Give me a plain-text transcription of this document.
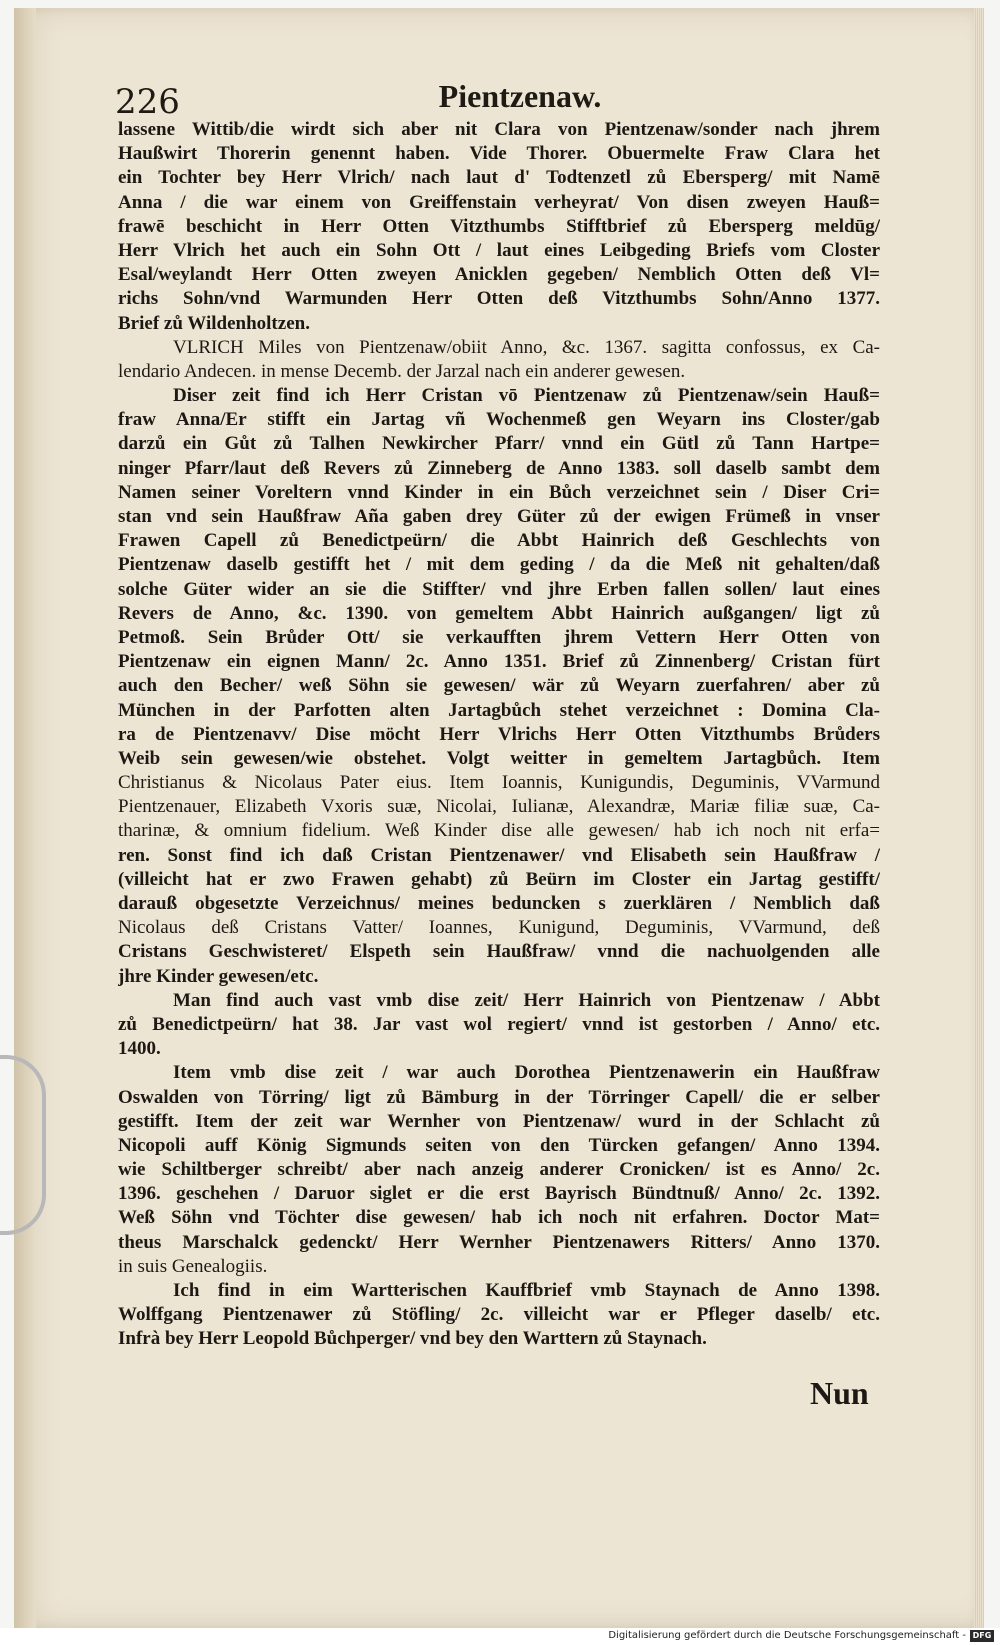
226	Pientzenaw.
lassene Wittib/die wirdt sich aber nit Clara von Pientzenaw/sonder nach jhrem
Haußwirt Thorerin genennt haben. Vide Thorer. Obuermelte Fraw Clara het
ein Tochter bey Herr Vlrich/ nach laut d' Todtenzetl zů Ebersperg/ mit Namē
Anna / die war einem von Greiffenstain verheyrat/ Von disen zweyen Hauß=
frawē beschicht in Herr Otten Vitzthumbs Stifftbrief zů Ebersperg meldūg/
Herr Vlrich het auch ein Sohn Ott / laut eines Leibgeding Briefs vom Closter
Esal/weylandt Herr Otten zweyen Anicklen gegeben/ Nemblich Otten deß Vl=
richs Sohn/vnd Warmunden Herr Otten deß Vitzthumbs Sohn/Anno 1377.
Brief zů Wildenholtzen.
VLRICH Miles von Pientzenaw/obiit Anno, &c. 1367. sagitta confossus, ex Ca-
lendario Andecen. in mense Decemb. der Jarzal nach ein anderer gewesen.
Diser zeit find ich Herr Cristan vō Pientzenaw zů Pientzenaw/sein Hauß=
fraw Anna/Er stifft ein Jartag vñ Wochenmeß gen Weyarn ins Closter/gab
darzů ein Gůt zů Talhen Newkircher Pfarr/ vnnd ein Gütl zů Tann Hartpe=
ninger Pfarr/laut deß Revers zů Zinneberg de Anno 1383. soll daselb sambt dem
Namen seiner Voreltern vnnd Kinder in ein Bůch verzeichnet sein / Diser Cri=
stan vnd sein Haußfraw Aña gaben drey Güter zů der ewigen Frümeß in vnser
Frawen Capell zů Benedictpeürn/ die Abbt Hainrich deß Geschlechts von
Pientzenaw daselb gestifft het / mit dem geding / da die Meß nit gehalten/daß
solche Güter wider an sie die Stiffter/ vnd jhre Erben fallen sollen/ laut eines
Revers de Anno, &c. 1390. von gemeltem Abbt Hainrich außgangen/ ligt zů
Petmoß. Sein Brůder Ott/ sie verkaufften jhrem Vettern Herr Otten von
Pientzenaw ein eignen Mann/ 2c. Anno 1351. Brief zů Zinnenberg/ Cristan fürt
auch den Becher/ weß Söhn sie gewesen/ wär zů Weyarn zuerfahren/ aber zů
München in der Parfotten alten Jartagbůch stehet verzeichnet : Domina Cla-
ra de Pientzenavv/ Dise möcht Herr Vlrichs Herr Otten Vitzthumbs Brůders
Weib sein gewesen/wie obstehet. Volgt weitter in gemeltem Jartagbůch. Item
Christianus & Nicolaus Pater eius. Item Ioannis, Kunigundis, Deguminis, VVarmund
Pientzenauer, Elizabeth Vxoris suæ, Nicolai, Iulianæ, Alexandræ, Mariæ filiæ suæ, Ca-
tharinæ, & omnium fidelium. Weß Kinder dise alle gewesen/ hab ich noch nit erfa=
ren. Sonst find ich daß Cristan Pientzenawer/ vnd Elisabeth sein Haußfraw /
(villeicht hat er zwo Frawen gehabt) zů Beürn im Closter ein Jartag gestifft/
darauß obgesetzte Verzeichnus/ meines beduncken s zuerklären / Nemblich daß
Nicolaus deß Cristans Vatter/ Ioannes, Kunigund, Deguminis, VVarmund, deß
Cristans Geschwisteret/ Elspeth sein Haußfraw/ vnnd die nachuolgenden alle
jhre Kinder gewesen/etc.
Man find auch vast vmb dise zeit/ Herr Hainrich von Pientzenaw / Abbt
zů Benedictpeürn/ hat 38. Jar vast wol regiert/ vnnd ist gestorben / Anno/ etc.
1400.
Item vmb dise zeit / war auch Dorothea Pientzenawerin ein Haußfraw
Oswalden von Törring/ ligt zů Bämburg in der Törringer Capell/ die er selber
gestifft. Item der zeit war Wernher von Pientzenaw/ wurd in der Schlacht zů
Nicopoli auff König Sigmunds seiten von den Türcken gefangen/ Anno 1394.
wie Schiltberger schreibt/ aber nach anzeig anderer Cronicken/ ist es Anno/ 2c.
1396. geschehen / Daruor siglet er die erst Bayrisch Bündtnuß/ Anno/ 2c. 1392.
Weß Söhn vnd Töchter dise gewesen/ hab ich noch nit erfahren. Doctor Mat=
theus Marschalck gedenckt/ Herr Wernher Pientzenawers Ritters/ Anno 1370.
in suis Genealogiis.
Ich find in eim Wartterischen Kauffbrief vmb Staynach de Anno 1398.
Wolffgang Pientzenawer zů Stöfling/ 2c. villeicht war er Pfleger daselb/ etc.
Infrà bey Herr Leopold Bůchperger/ vnd bey den Warttern zů Staynach.
Nun
Digitalisierung gefördert durch die Deutsche Forschungsgemeinschaft - DFG
